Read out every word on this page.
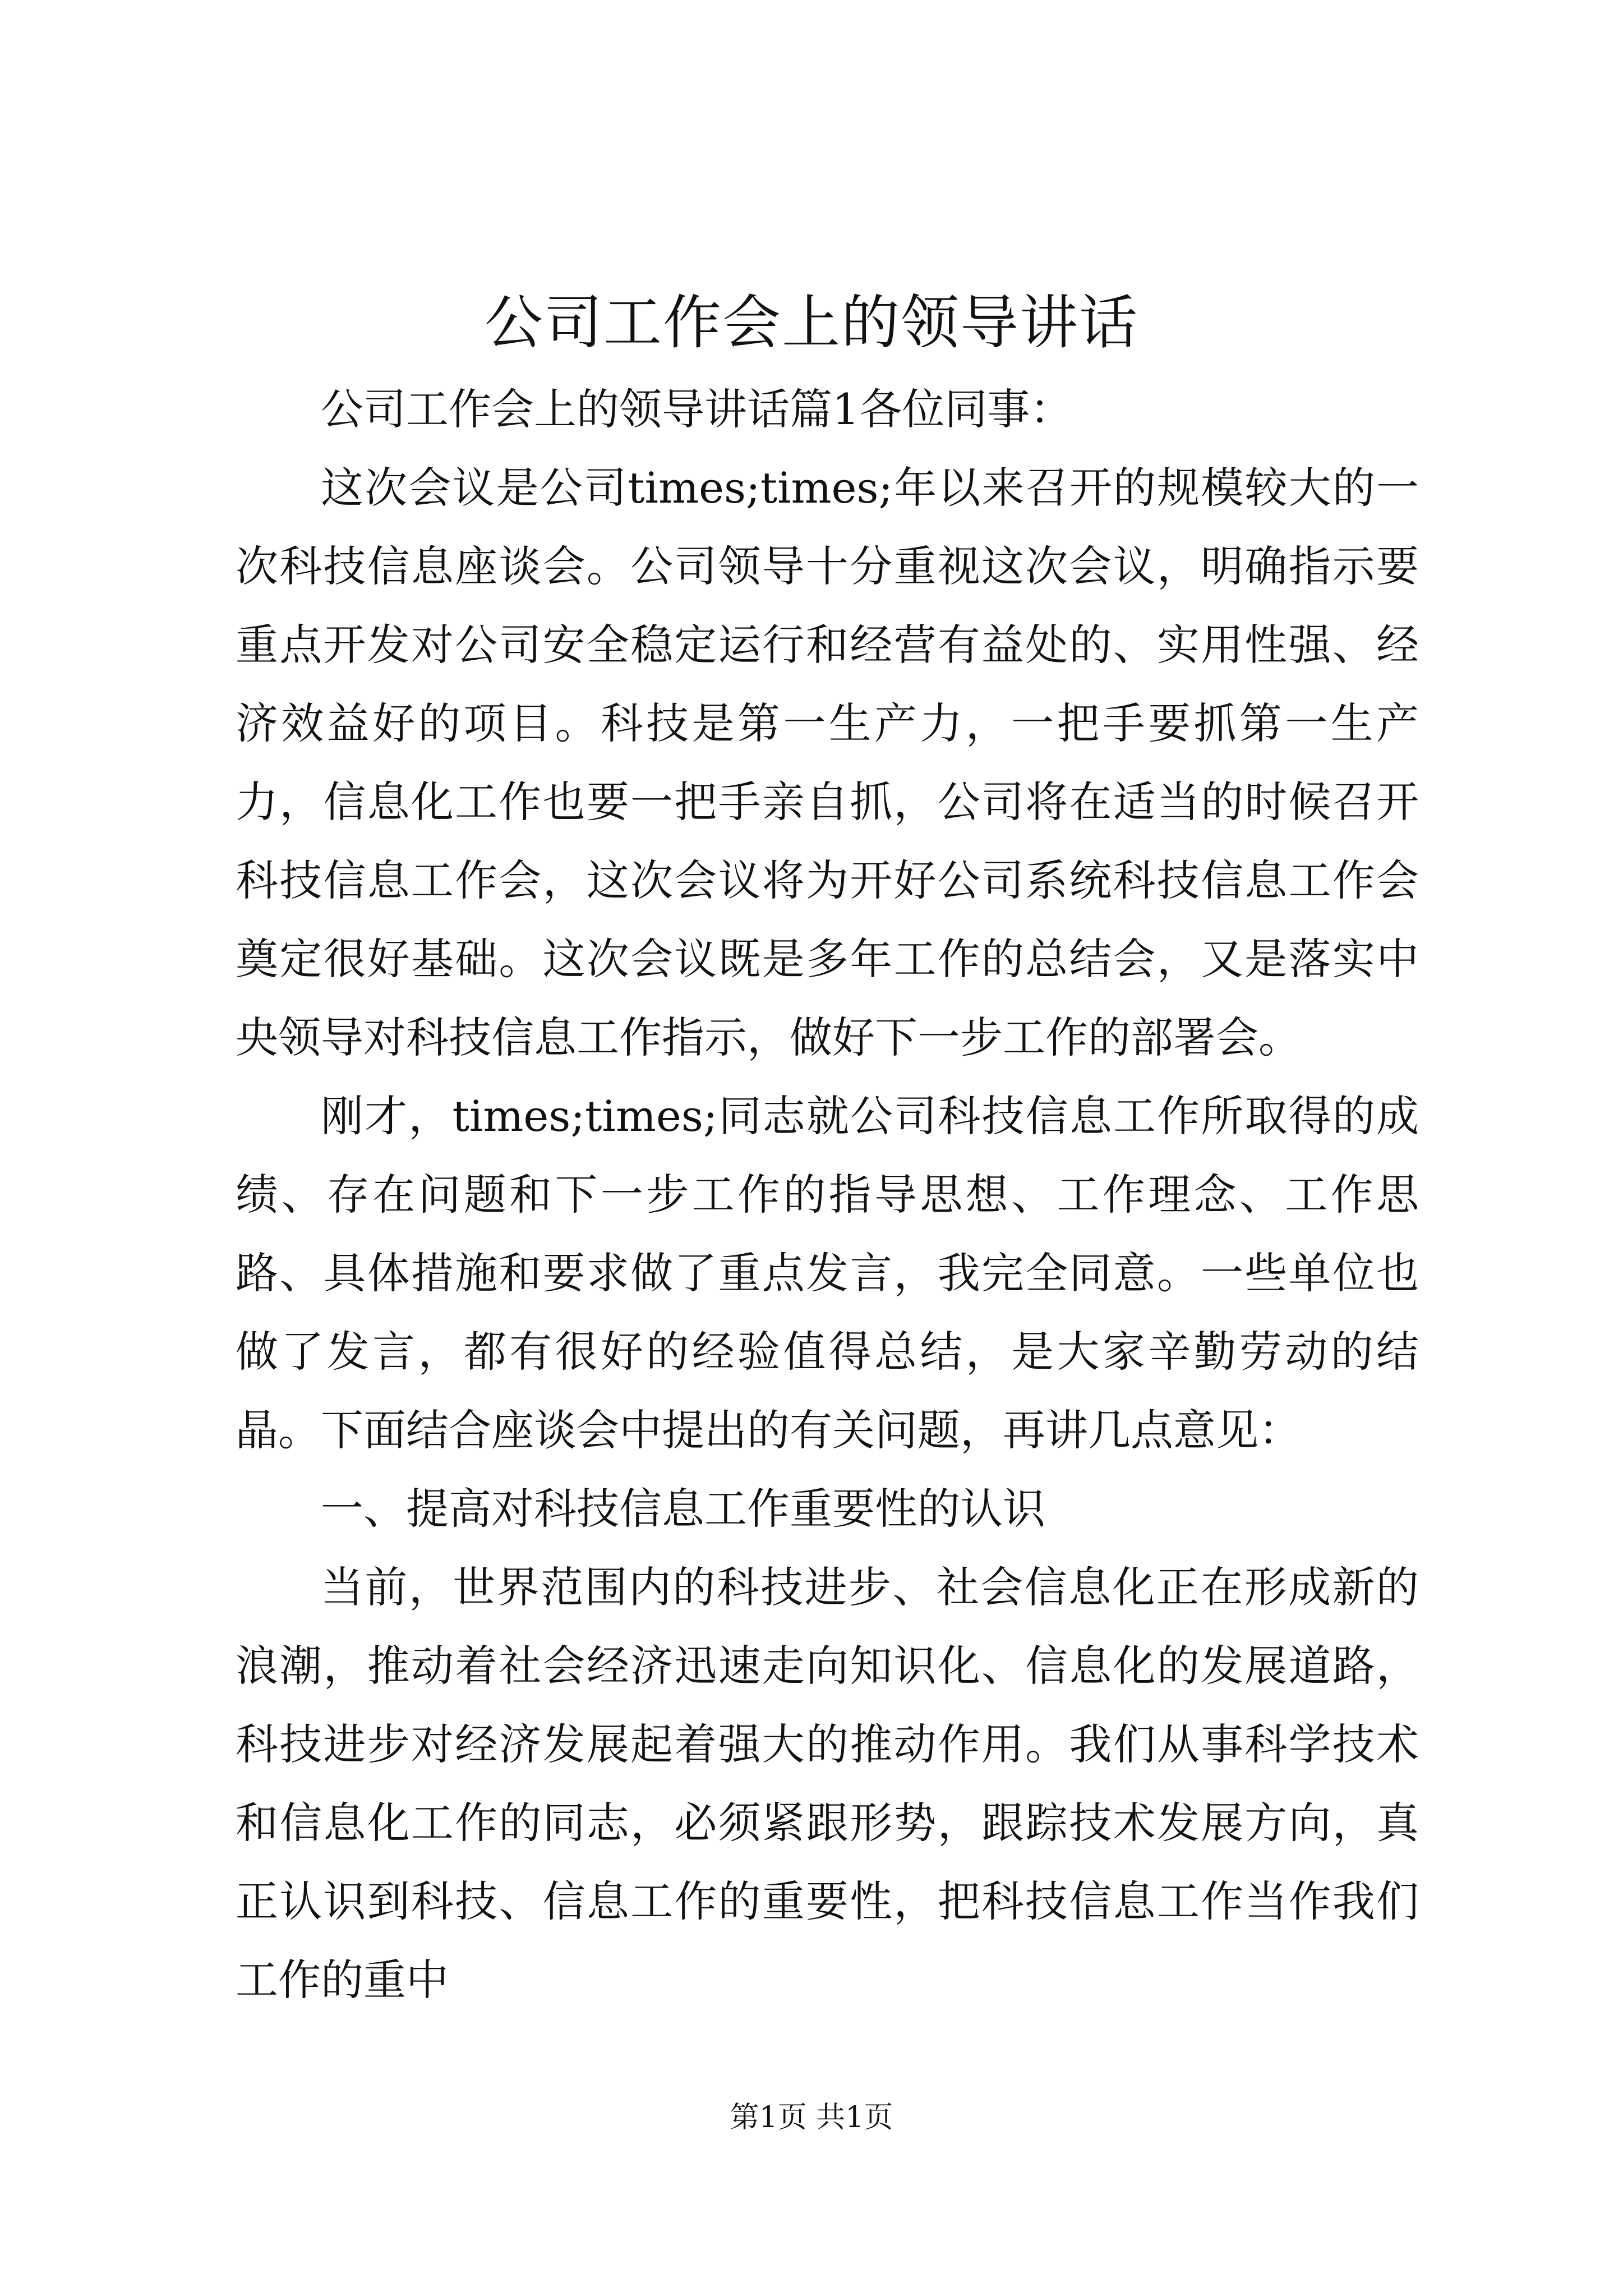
公司工作会上的领导讲话

公司工作会上的领导讲话篇1各位同事：

这次会议是公司times;times;年以来召开的规模较大的一次科技信息座谈会。公司领导十分重视这次会议，明确指示要重点开发对公司安全稳定运行和经营有益处的、实用性强、经济效益好的项目。科技是第一生产力，一把手要抓第一生产力，信息化工作也要一把手亲自抓，公司将在适当的时候召开科技信息工作会，这次会议将为开好公司系统科技信息工作会奠定很好基础。这次会议既是多年工作的总结会，又是落实中央领导对科技信息工作指示，做好下一步工作的部署会。

刚才，times;times;同志就公司科技信息工作所取得的成绩、存在问题和下一步工作的指导思想、工作理念、工作思路、具体措施和要求做了重点发言，我完全同意。一些单位也做了发言，都有很好的经验值得总结，是大家辛勤劳动的结晶。下面结合座谈会中提出的有关问题，再讲几点意见：

一、提高对科技信息工作重要性的认识

当前，世界范围内的科技进步、社会信息化正在形成新的浪潮，推动着社会经济迅速走向知识化、信息化的发展道路，科技进步对经济发展起着强大的推动作用。我们从事科学技术和信息化工作的同志，必须紧跟形势，跟踪技术发展方向，真正认识到科技、信息工作的重要性，把科技信息工作当作我们工作的重中

第1页 共1页
